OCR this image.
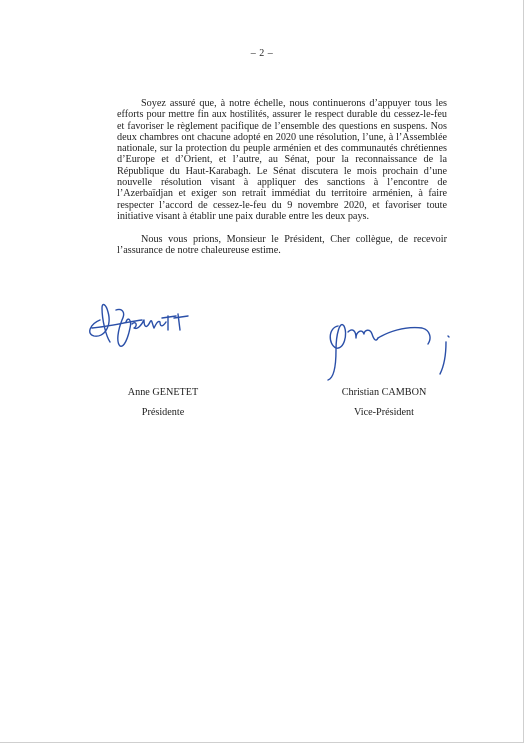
– 2 –

Soyez assuré que, à notre échelle, nous continuerons d’appuyer tous les efforts pour mettre fin aux hostilités, assurer le respect durable du cessez-le-feu et favoriser le règlement pacifique de l’ensemble des questions en suspens. Nos deux chambres ont chacune adopté en 2020 une résolution, l’une, à l’Assemblée nationale, sur la protection du peuple arménien et des communautés chrétiennes d’Europe et d’Orient, et l’autre, au Sénat, pour la reconnaissance de la République du Haut-Karabagh. Le Sénat discutera le mois prochain d’une nouvelle résolution visant à appliquer des sanctions à l’encontre de l’Azerbaïdjan et exiger son retrait immédiat du territoire arménien, à faire respecter l’accord de cessez-le-feu du 9 novembre 2020, et favoriser toute initiative visant à établir une paix durable entre les deux pays.

Nous vous prions, Monsieur le Président, Cher collègue, de recevoir l’assurance de notre chaleureuse estime.

Anne GENETET
Présidente
Christian CAMBON
Vice-Président
